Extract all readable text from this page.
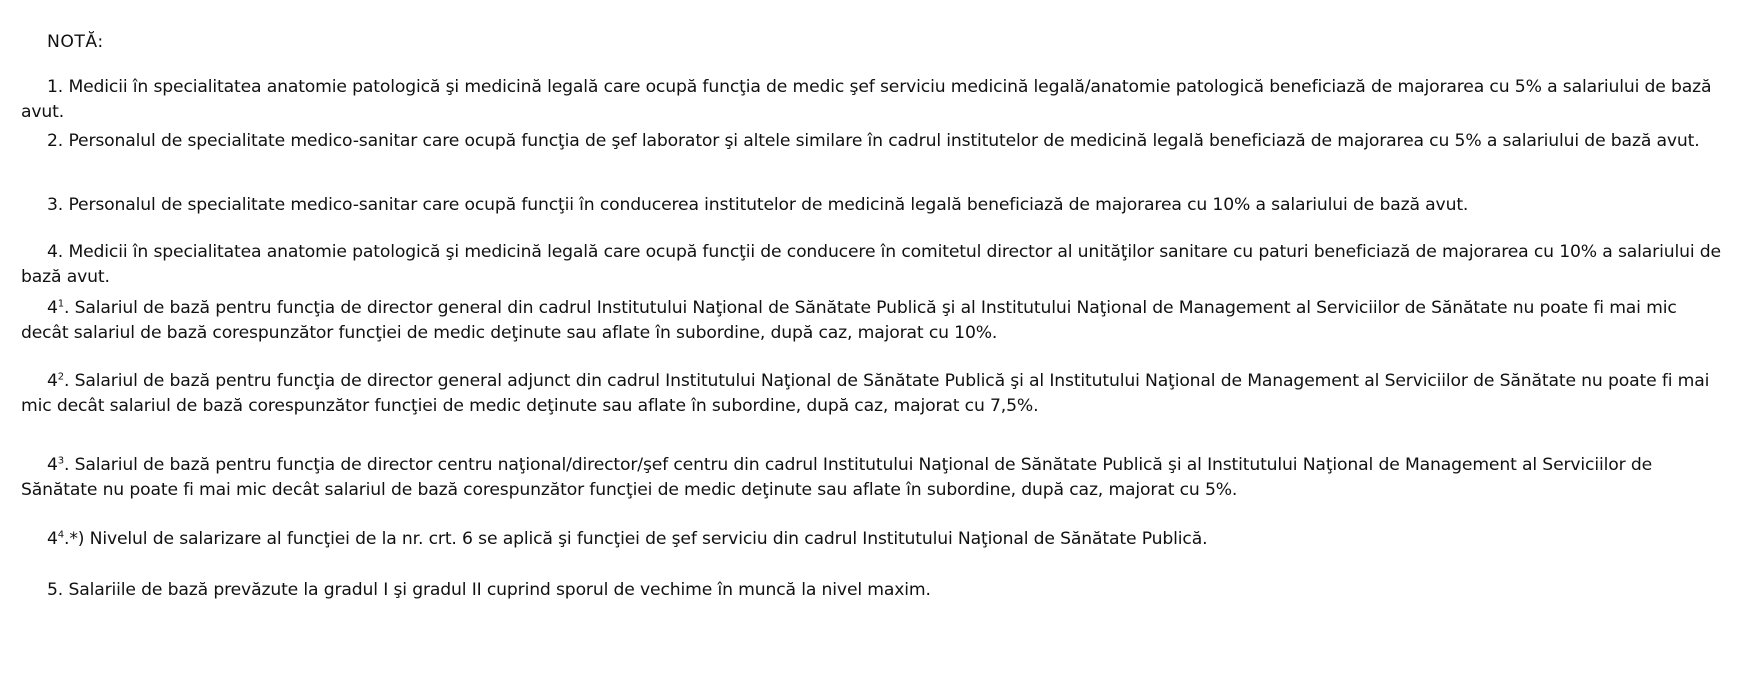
NOTĂ:

1. Medicii în specialitatea anatomie patologică şi medicină legală care ocupă funcţia de medic şef serviciu medicină legală/anatomie patologică beneficiază de majorarea cu 5% a salariului de bază avut.

2. Personalul de specialitate medico-sanitar care ocupă funcţia de şef laborator şi altele similare în cadrul institutelor de medicină legală beneficiază de majorarea cu 5% a salariului de bază avut.

3. Personalul de specialitate medico-sanitar care ocupă funcţii în conducerea institutelor de medicină legală beneficiază de majorarea cu 10% a salariului de bază avut.

4. Medicii în specialitatea anatomie patologică şi medicină legală care ocupă funcţii de conducere în comitetul director al unităţilor sanitare cu paturi beneficiază de majorarea cu 10% a salariului de bază avut.

$4^1$. Salariul de bază pentru funcţia de director general din cadrul Institutului Naţional de Sănătate Publică şi al Institutului Naţional de Management al Serviciilor de Sănătate nu poate fi mai mic decât salariul de bază corespunzător funcţiei de medic deţinute sau aflate în subordine, după caz, majorat cu 10%.

$4^2$. Salariul de bază pentru funcţia de director general adjunct din cadrul Institutului Naţional de Sănătate Publică şi al Institutului Naţional de Management al Serviciilor de Sănătate nu poate fi mai mic decât salariul de bază corespunzător funcţiei de medic deţinute sau aflate în subordine, după caz, majorat cu 7,5%.

$4^3$. Salariul de bază pentru funcţia de director centru naţional/director/şef centru din cadrul Institutului Naţional de Sănătate Publică şi al Institutului Naţional de Management al Serviciilor de Sănătate nu poate fi mai mic decât salariul de bază corespunzător funcţiei de medic deţinute sau aflate în subordine, după caz, majorat cu 5%.

$4^4.*$) Nivelul de salarizare al funcţiei de la nr. crt. 6 se aplică şi funcţiei de şef serviciu din cadrul Institutului Naţional de Sănătate Publică.

5. Salariile de bază prevăzute la gradul I şi gradul II cuprind sporul de vechime în muncă la nivel maxim.
